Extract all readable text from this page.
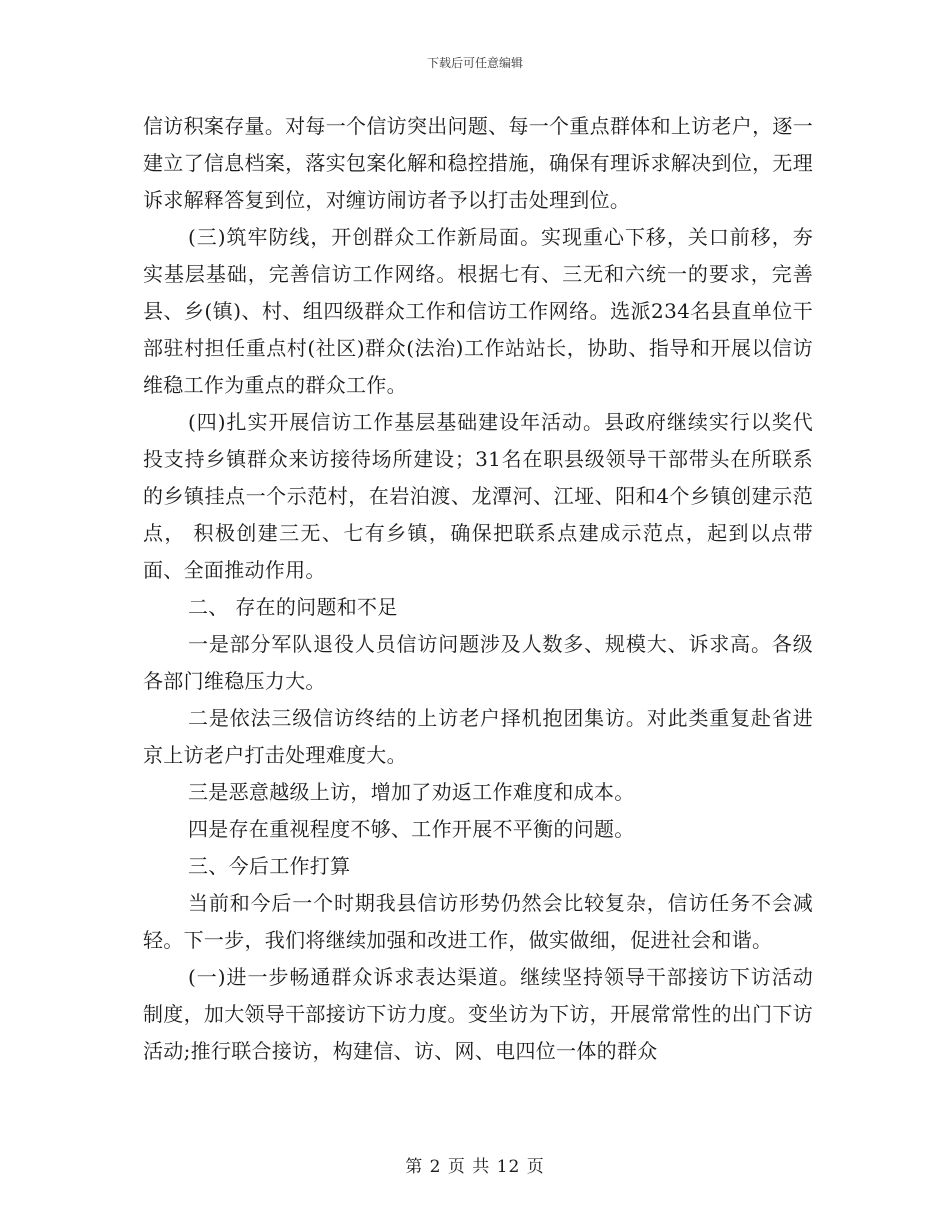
下载后可任意编辑

信访积案存量。对每一个信访突出问题、每一个重点群体和上访老户，逐一建立了信息档案，落实包案化解和稳控措施，确保有理诉求解决到位，无理诉求解释答复到位，对缠访闹访者予以打击处理到位。

(三)筑牢防线，开创群众工作新局面。实现重心下移，关口前移，夯实基层基础，完善信访工作网络。根据七有、三无和六统一的要求，完善县、乡(镇)、村、组四级群众工作和信访工作网络。选派234名县直单位干部驻村担任重点村(社区)群众(法治)工作站站长，协助、指导和开展以信访维稳工作为重点的群众工作。

(四)扎实开展信访工作基层基础建设年活动。县政府继续实行以奖代投支持乡镇群众来访接待场所建设；31名在职县级领导干部带头在所联系的乡镇挂点一个示范村，在岩泊渡、龙潭河、江垭、阳和4个乡镇创建示范点， 积极创建三无、七有乡镇，确保把联系点建成示范点，起到以点带面、全面推动作用。

二、 存在的问题和不足

一是部分军队退役人员信访问题涉及人数多、规模大、诉求高。各级各部门维稳压力大。

二是依法三级信访终结的上访老户择机抱团集访。对此类重复赴省进京上访老户打击处理难度大。

三是恶意越级上访，增加了劝返工作难度和成本。

四是存在重视程度不够、工作开展不平衡的问题。

三、今后工作打算

当前和今后一个时期我县信访形势仍然会比较复杂，信访任务不会减轻。下一步，我们将继续加强和改进工作，做实做细，促进社会和谐。

(一)进一步畅通群众诉求表达渠道。继续坚持领导干部接访下访活动制度，加大领导干部接访下访力度。变坐访为下访，开展常常性的出门下访活动;推行联合接访，构建信、访、网、电四位一体的群众

第 2 页 共 12 页
